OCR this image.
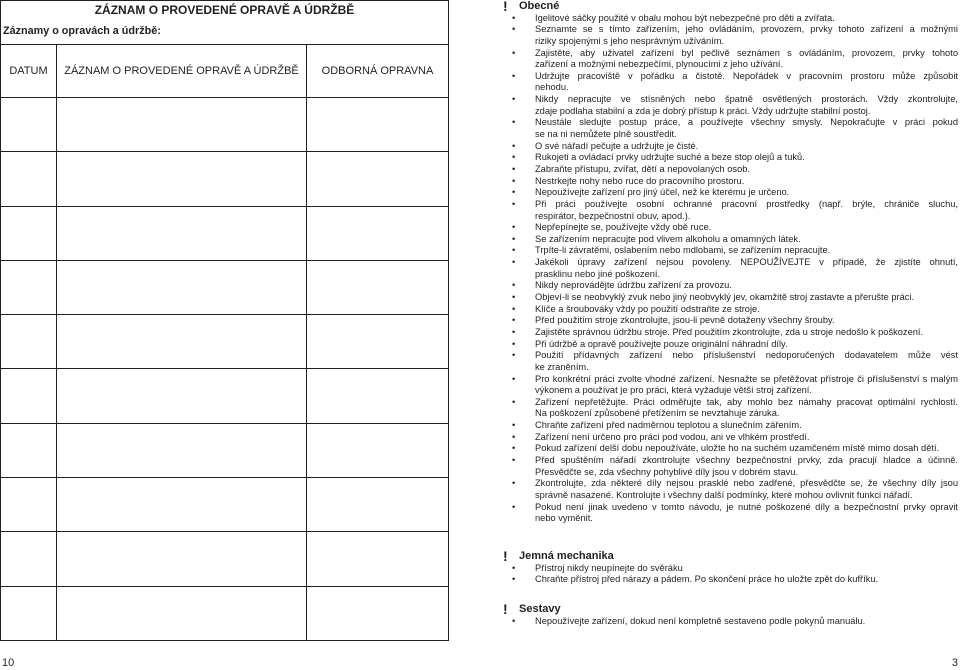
ZÁZNAM O PROVEDENÉ OPRAVĚ A ÚDRŽBĚ
Záznamy o opravách a údržbě:
DATUM	ZÁZNAM O PROVEDENÉ OPRAVĚ A ÚDRŽBĚ	ODBORNÁ OPRAVNA
10
! Obecné
• Igelitové sáčky použité v obalu mohou být nebezpečné pro děti a zvířata.
• Seznamte se s tímto zařízením, jeho ovládáním, provozem, prvky tohoto zařízení a možnými
riziky spojenými s jeho nesprávným užíváním.
• Zajistěte, aby uživatel zařízení byl pečlivě seznámen s ovládáním, provozem, prvky tohoto
zařízení a možnými nebezpečími, plynoucími z jeho užívání.
• Udržujte pracoviště v pořádku a čistotě. Nepořádek v pracovním prostoru může způsobit
nehodu.
• Nikdy nepracujte ve stísněných nebo špatně osvětlených prostorách. Vždy zkontrolujte,
zdaje podlaha stabilní a zda je dobrý přístup k práci. Vždy udržujte stabilní postoj.
• Neustále sledujte postup práce, a používejte všechny smysly. Nepokračujte v práci pokud
se na ni nemůžete plně soustředit.
• O své nářadí pečujte a udržujte je čisté.
• Rukojeti a ovládací prvky udržujte suché a beze stop olejů a tuků.
• Zabraňte přístupu, zvířat, dětí a nepovolaných osob.
• Nestrkejte nohy nebo ruce do pracovního prostoru.
• Nepoužívejte zařízení pro jiný účel, než ke kterému je určeno.
• Při práci používejte osobní ochranné pracovní prostředky (např. brýle, chrániče sluchu,
respirátor, bezpečnostní obuv, apod.).
• Nepřepínejte se, používejte vždy obě ruce.
• Se zařízením nepracujte pod vlivem alkoholu a omamných látek.
• Trpíte-li závratěmi, oslabením nebo mdlobami, se zařízením nepracujte.
• Jakékoli úpravy zařízení nejsou povoleny. NEPOUŽÍVEJTE v případě, že zjistíte ohnutí,
prasklinu nebo jiné poškození.
• Nikdy neprovádějte údržbu zařízení za provozu.
• Objeví-li se neobvyklý zvuk nebo jiný neobvyklý jev, okamžitě stroj zastavte a přerušte práci.
• Klíče a šroubováky vždy po použití odstraňte ze stroje.
• Před použitím stroje zkontrolujte, jsou-li pevně dotaženy všechny šrouby.
• Zajistěte správnou údržbu stroje. Před použitím zkontrolujte, zda u stroje nedošlo k poškození.
• Při údržbě a opravě používejte pouze originální náhradní díly.
• Použití přídavných zařízení nebo příslušenství nedoporučených dodavatelem může vést
ke zraněním.
• Pro konkrétní práci zvolte vhodné zařízení. Nesnažte se přetěžovat přístroje či příslušenství s malým
výkonem a používat je pro práci, která vyžaduje větší stroj zařízení.
• Zařízení nepřetěžujte. Práci odměřujte tak, aby mohlo bez námahy pracovat optimální rychlostí.
Na poškození způsobené přetížením se nevztahuje záruka.
• Chraňte zařízení před nadměrnou teplotou a slunečním zářením.
• Zařízení není určeno pro práci pod vodou, ani ve vlhkém prostředí.
• Pokud zařízení delší dobu nepoužíváte, uložte ho na suchém uzamčeném místě mimo dosah dětí.
• Před spuštěním nářadí zkontrolujte všechny bezpečnostní prvky, zda pracují hladce a účinně.
Přesvědčte se, zda všechny pohyblivé díly jsou v dobrém stavu.
• Zkontrolujte, zda některé díly nejsou prasklé nebo zadřené, přesvědčte se, že všechny díly jsou
správně nasazené. Kontrolujte i všechny další podmínky, které mohou ovlivnit funkci nářadí.
• Pokud není jinak uvedeno v tomto návodu, je nutné poškozené díly a bezpečnostní prvky opravit
nebo vyměnit.
! Jemná mechanika
• Přístroj nikdy neupínejte do svěráku
• Chraňte přístroj před nárazy a pádem. Po skončení práce ho uložte zpět do kufříku.
! Sestavy
• Nepoužívejte zařízení, dokud není kompletně sestaveno podle pokynů manuálu.
3
